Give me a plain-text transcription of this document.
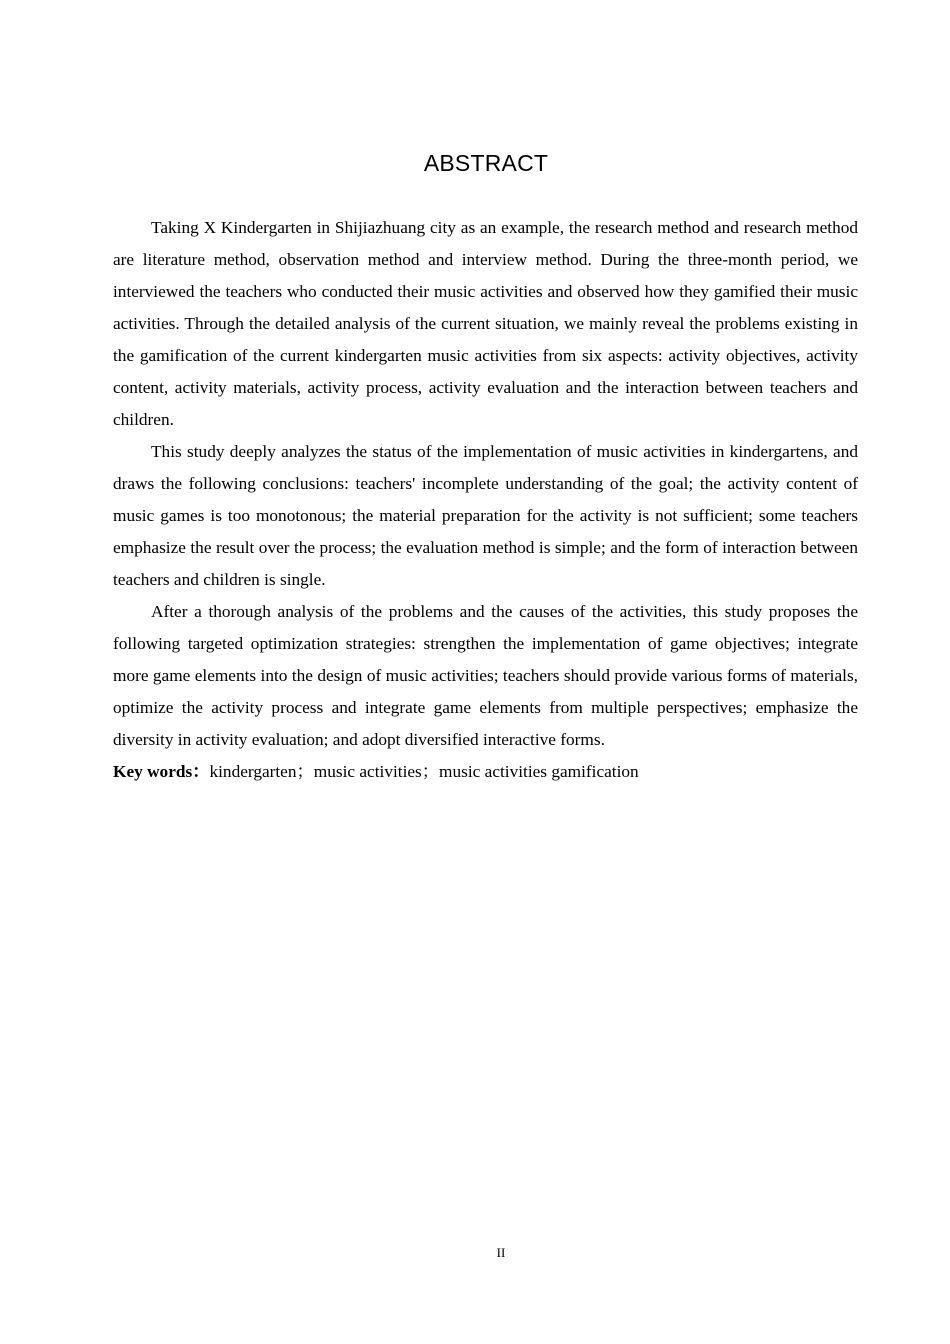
ABSTRACT

Taking X Kindergarten in Shijiazhuang city as an example, the research method and research method are literature method, observation method and interview method. During the three-month period, we interviewed the teachers who conducted their music activities and observed how they gamified their music activities. Through the detailed analysis of the current situation, we mainly reveal the problems existing in the gamification of the current kindergarten music activities from six aspects: activity objectives, activity content, activity materials, activity process, activity evaluation and the interaction between teachers and children.

This study deeply analyzes the status of the implementation of music activities in kindergartens, and draws the following conclusions: teachers' incomplete understanding of the goal; the activity content of music games is too monotonous; the material preparation for the activity is not sufficient; some teachers emphasize the result over the process; the evaluation method is simple; and the form of interaction between teachers and children is single.

After a thorough analysis of the problems and the causes of the activities, this study proposes the following targeted optimization strategies: strengthen the implementation of game objectives; integrate more game elements into the design of music activities; teachers should provide various forms of materials, optimize the activity process and integrate game elements from multiple perspectives; emphasize the diversity in activity evaluation; and adopt diversified interactive forms.

Key words：kindergarten；music activities；music activities gamification
II
